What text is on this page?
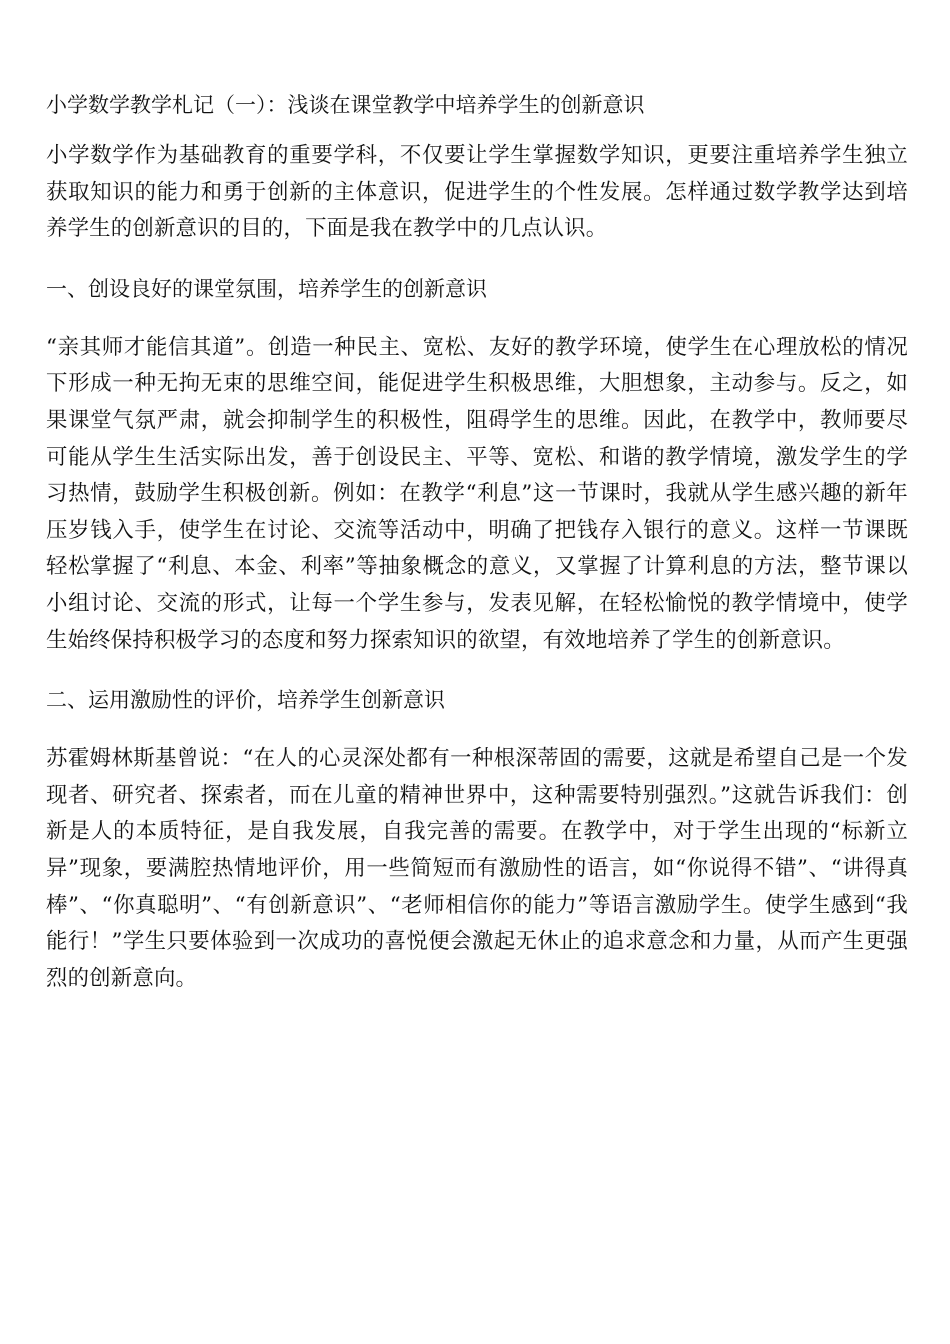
小学数学教学札记（一）：浅谈在课堂教学中培养学生的创新意识

小学数学作为基础教育的重要学科，不仅要让学生掌握数学知识，更要注重培养学生独立获取知识的能力和勇于创新的主体意识，促进学生的个性发展。怎样通过数学教学达到培养学生的创新意识的目的，下面是我在教学中的几点认识。

一、创设良好的课堂氛围，培养学生的创新意识

“亲其师才能信其道”。创造一种民主、宽松、友好的教学环境，使学生在心理放松的情况下形成一种无拘无束的思维空间，能促进学生积极思维，大胆想象，主动参与。反之，如果课堂气氛严肃，就会抑制学生的积极性，阻碍学生的思维。因此，在教学中，教师要尽可能从学生生活实际出发，善于创设民主、平等、宽松、和谐的教学情境，激发学生的学习热情，鼓励学生积极创新。例如：在教学“利息”这一节课时，我就从学生感兴趣的新年压岁钱入手，使学生在讨论、交流等活动中，明确了把钱存入银行的意义。这样一节课既轻松掌握了“利息、本金、利率”等抽象概念的意义，又掌握了计算利息的方法，整节课以小组讨论、交流的形式，让每一个学生参与，发表见解，在轻松愉悦的教学情境中，使学生始终保持积极学习的态度和努力探索知识的欲望，有效地培养了学生的创新意识。

二、运用激励性的评价，培养学生创新意识

苏霍姆林斯基曾说：“在人的心灵深处都有一种根深蒂固的需要，这就是希望自己是一个发现者、研究者、探索者，而在儿童的精神世界中，这种需要特别强烈。”这就告诉我们：创新是人的本质特征，是自我发展，自我完善的需要。在教学中，对于学生出现的“标新立异”现象，要满腔热情地评价，用一些简短而有激励性的语言，如“你说得不错”、“讲得真棒”、“你真聪明”、“有创新意识”、“老师相信你的能力”等语言激励学生。使学生感到“我能行！”学生只要体验到一次成功的喜悦便会激起无休止的追求意念和力量，从而产生更强烈的创新意向。
